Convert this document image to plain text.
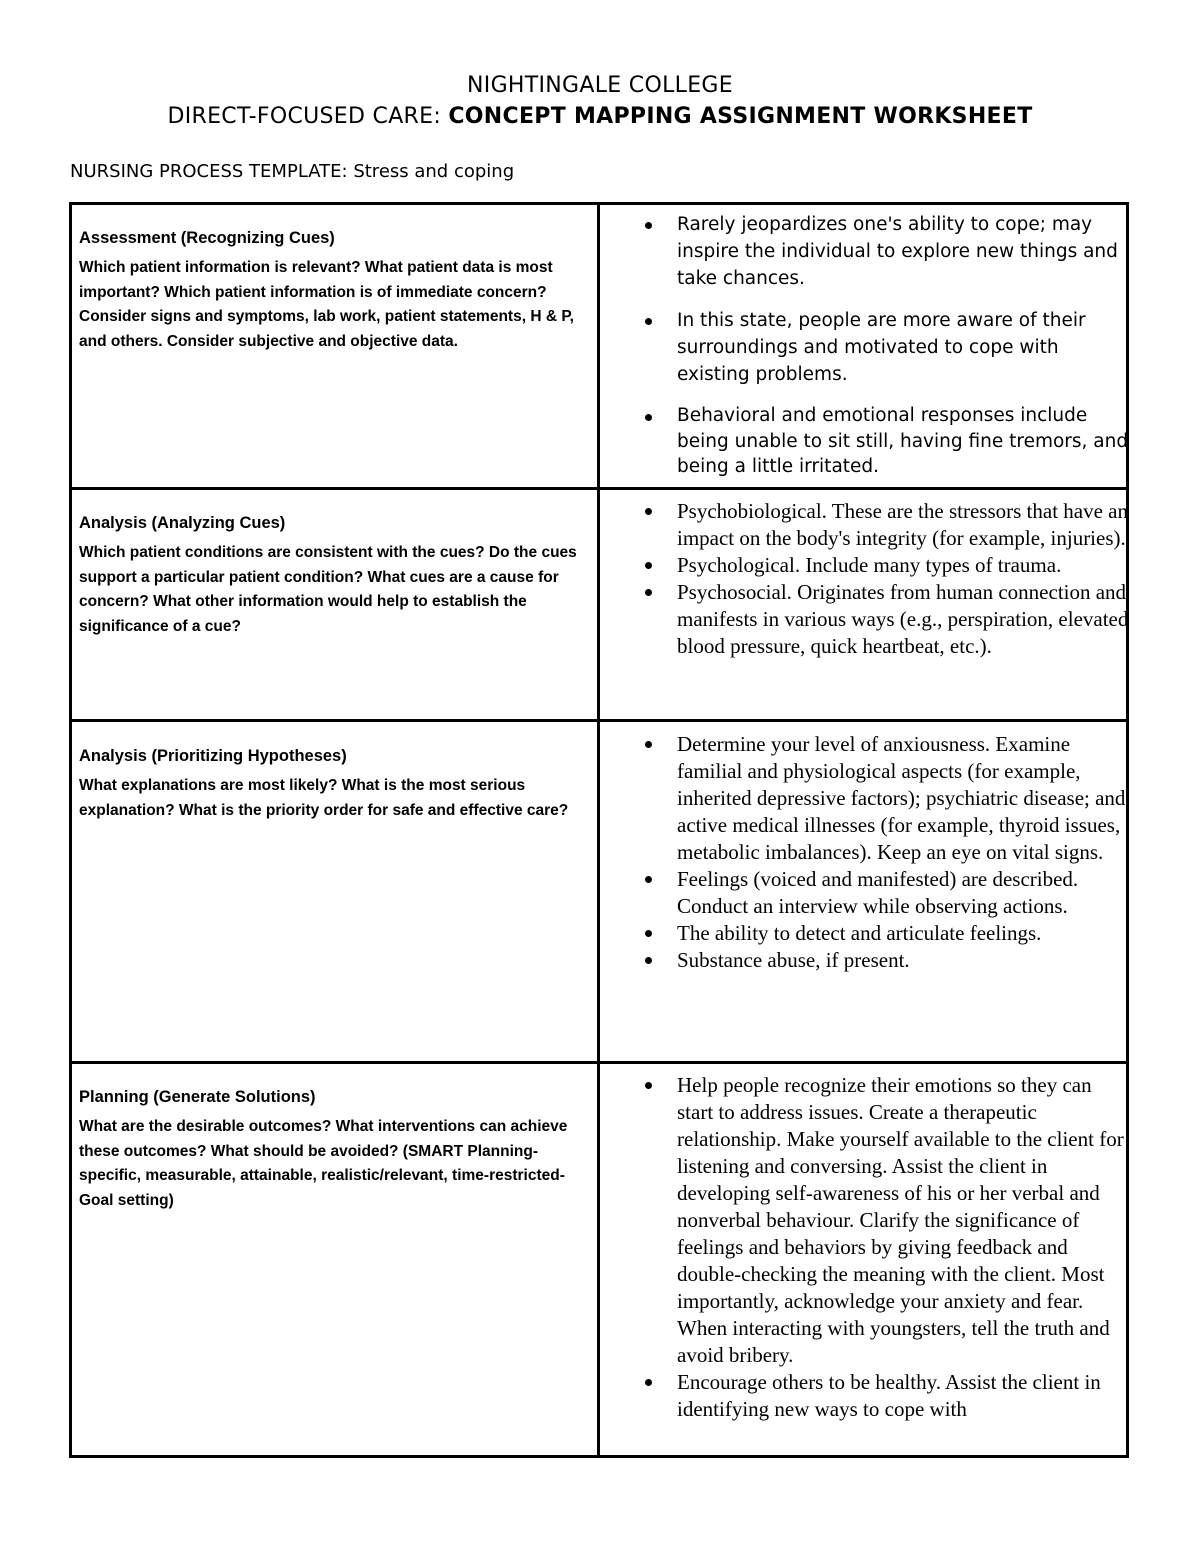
NIGHTINGALE COLLEGE
DIRECT-FOCUSED CARE: CONCEPT MAPPING ASSIGNMENT WORKSHEET
NURSING PROCESS TEMPLATE: Stress and coping
Assessment (Recognizing Cues)
Which patient information is relevant? What patient data is most important? Which patient information is of immediate concern? Consider signs and symptoms, lab work, patient statements, H & P, and others. Consider subjective and objective data.
Rarely jeopardizes one's ability to cope; may inspire the individual to explore new things and take chances.
In this state, people are more aware of their surroundings and motivated to cope with existing problems.
Behavioral and emotional responses include being unable to sit still, having fine tremors, and being a little irritated.
Analysis (Analyzing Cues)
Which patient conditions are consistent with the cues? Do the cues support a particular patient condition? What cues are a cause for concern? What other information would help to establish the significance of a cue?
Psychobiological. These are the stressors that have an impact on the body's integrity (for example, injuries).
Psychological. Include many types of trauma.
Psychosocial. Originates from human connection and manifests in various ways (e.g., perspiration, elevated blood pressure, quick heartbeat, etc.).
Analysis (Prioritizing Hypotheses)
What explanations are most likely? What is the most serious explanation? What is the priority order for safe and effective care?
Determine your level of anxiousness. Examine familial and physiological aspects (for example, inherited depressive factors); psychiatric disease; and active medical illnesses (for example, thyroid issues, metabolic imbalances). Keep an eye on vital signs.
Feelings (voiced and manifested) are described. Conduct an interview while observing actions.
The ability to detect and articulate feelings.
Substance abuse, if present.
Planning (Generate Solutions)
What are the desirable outcomes? What interventions can achieve these outcomes? What should be avoided? (SMART Planning- specific, measurable, attainable, realistic/relevant, time-restricted- Goal setting)
Help people recognize their emotions so they can start to address issues. Create a therapeutic relationship. Make yourself available to the client for listening and conversing. Assist the client in developing self-awareness of his or her verbal and nonverbal behaviour. Clarify the significance of feelings and behaviors by giving feedback and double-checking the meaning with the client. Most importantly, acknowledge your anxiety and fear. When interacting with youngsters, tell the truth and avoid bribery.
Encourage others to be healthy. Assist the client in identifying new ways to cope with
